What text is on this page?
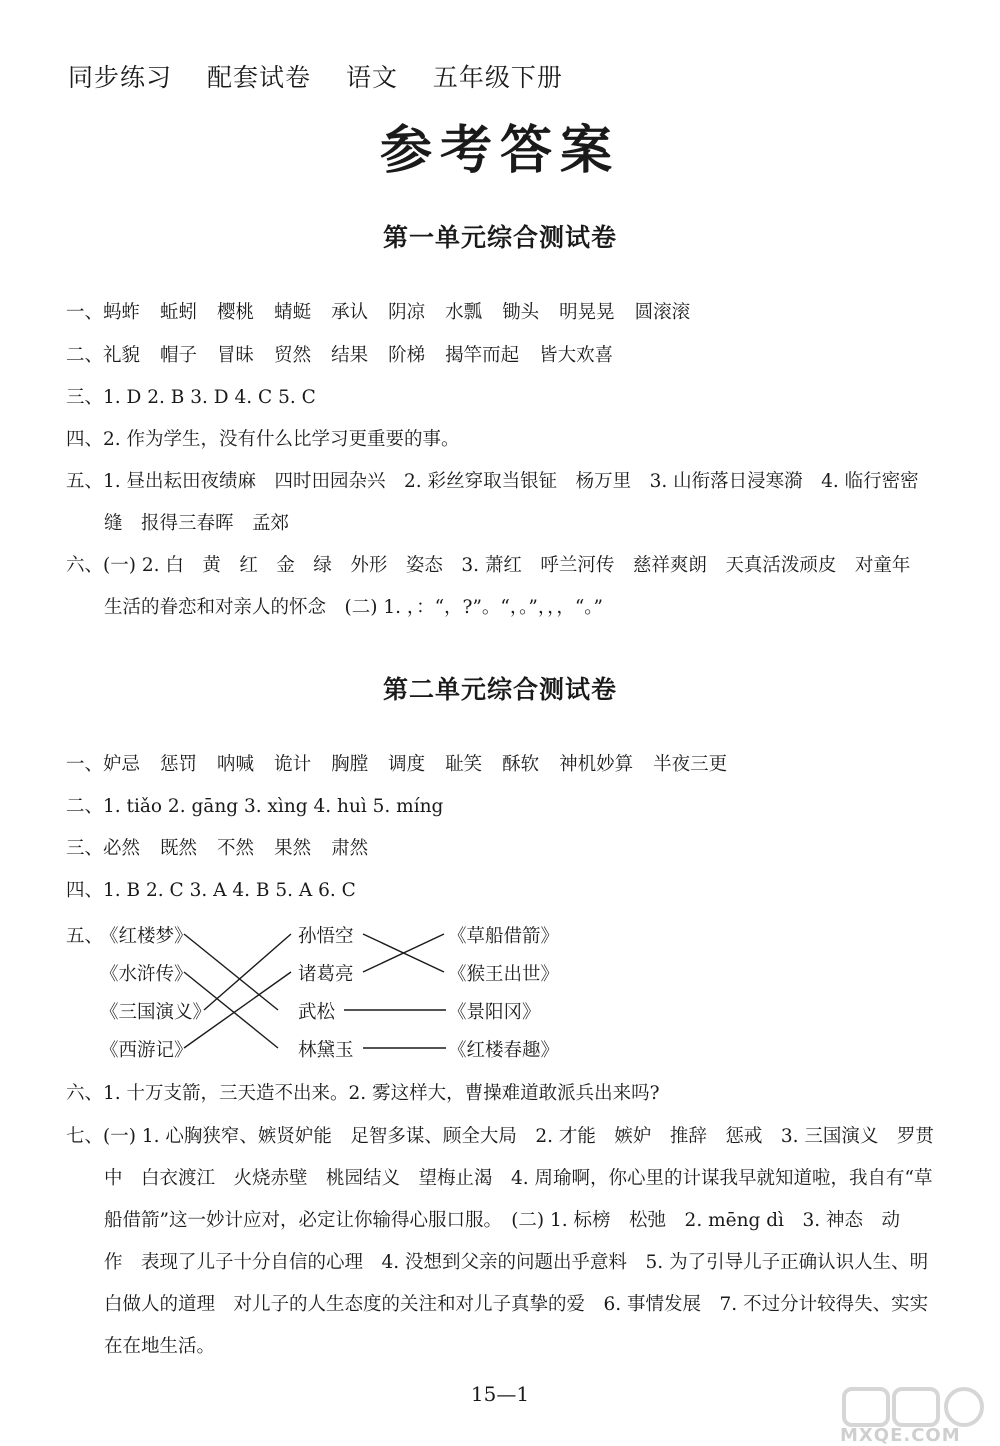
同步练习 配套试卷 语文 五年级下册
参考答案
第一单元综合测试卷
一、蚂蚱 蚯蚓 樱桃 蜻蜓 承认 阴凉 水瓢 锄头 明晃晃 圆滚滚
二、礼貌 帽子 冒昧 贸然 结果 阶梯 揭竿而起 皆大欢喜
三、1. D 2. B 3. D 4. C 5. C
四、2. 作为学生，没有什么比学习更重要的事。
五、1. 昼出耘田夜绩麻　四时田园杂兴　2. 彩丝穿取当银钲　杨万里　3. 山衔落日浸寒漪　4. 临行密密
缝　报得三春晖　孟郊
六、(一) 2. 白　黄　红　金　绿　外形　姿态　3. 萧红　呼兰河传　慈祥爽朗　天真活泼顽皮　对童年
生活的眷恋和对亲人的怀念　(二) 1. ，：“，?”。“，。”，，，“。”
第二单元综合测试卷
一、妒忌 惩罚 呐喊 诡计 胸膛 调度 耻笑 酥软 神机妙算 半夜三更
二、1. tiǎo 2. gāng 3. xìng 4. huì 5. míng
三、必然 既然 不然 果然 肃然
四、1. B 2. C 3. A 4. B 5. A 6. C
五、
《红楼梦》
《水浒传》
《三国演义》
《西游记》
孙悟空
诸葛亮
武松
林黛玉
《草船借箭》
《猴王出世》
《景阳冈》
《红楼春趣》
六、1. 十万支箭，三天造不出来。2. 雾这样大，曹操难道敢派兵出来吗?
七、(一) 1. 心胸狭窄、嫉贤妒能　足智多谋、顾全大局　2. 才能　嫉妒　推辞　惩戒　3. 三国演义　罗贯
中　白衣渡江　火烧赤壁　桃园结义　望梅止渴　4. 周瑜啊，你心里的计谋我早就知道啦，我自有“草
船借箭”这一妙计应对，必定让你输得心服口服。　(二) 1. 标榜　松弛　2. mēng dì　3. 神态　动
作　表现了儿子十分自信的心理　4. 没想到父亲的问题出乎意料　5. 为了引导儿子正确认识人生、明
白做人的道理　对儿子的人生态度的关注和对儿子真挚的爱　6. 事情发展　7. 不过分计较得失、实实
在在地生活。
15—1
MXQE.COM
